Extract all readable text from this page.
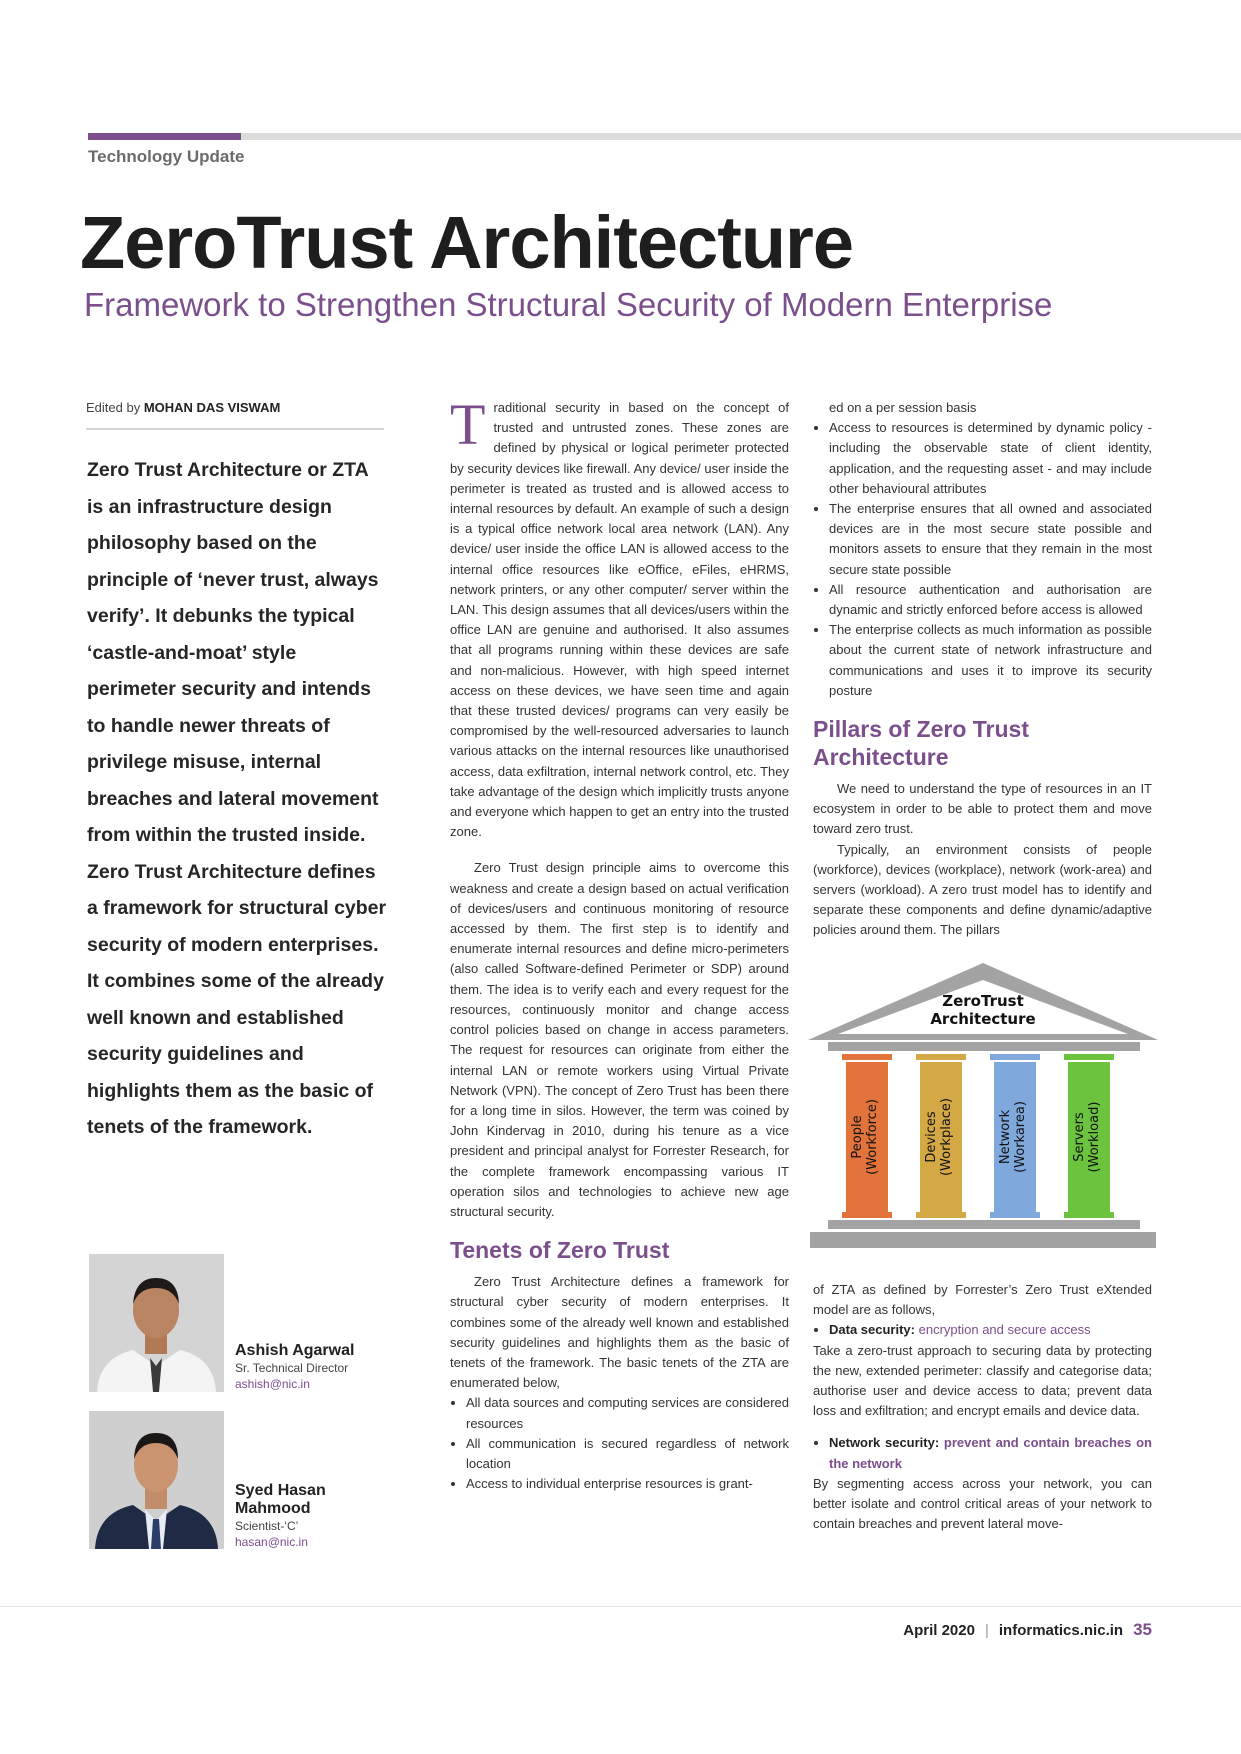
Technology Update
ZeroTrust Architecture
Framework to Strengthen Structural Security of Modern Enterprise
Edited by MOHAN DAS VISWAM
Zero Trust Architecture or ZTA is an infrastructure design philosophy based on the principle of ‘never trust, always verify’. It debunks the typical ‘castle-and-moat’ style perimeter security and intends to handle newer threats of privilege misuse, internal breaches and lateral movement from within the trusted inside. Zero Trust Architecture defines a framework for structural cyber security of modern enterprises. It combines some of the already well known and established security guidelines and highlights them as the basic of tenets of the framework.
Ashish Agarwal
Sr. Technical Director
ashish@nic.in
Syed Hasan Mahmood
Scientist-‘C’
hasan@nic.in

Traditional security in based on the concept of trusted and untrusted zones. These zones are defined by physical or logical perimeter protected by security devices like firewall. Any device/ user inside the perimeter is treated as trusted and is allowed access to internal resources by default. An example of such a design is a typical office network local area network (LAN). Any device/ user inside the office LAN is allowed access to the internal office resources like eOffice, eFiles, eHRMS, network printers, or any other computer/ server within the LAN. This design assumes that all devices/users within the office LAN are genuine and authorised. It also assumes that all programs running within these devices are safe and non-malicious. However, with high speed internet access on these devices, we have seen time and again that these trusted devices/ programs can very easily be compromised by the well-resourced adversaries to launch various attacks on the internal resources like unauthorised access, data exfiltration, internal network control, etc. They take advantage of the design which implicitly trusts anyone and everyone which happen to get an entry into the trusted zone.

Zero Trust design principle aims to overcome this weakness and create a design based on actual verification of devices/users and continuous monitoring of resource accessed by them. The first step is to identify and enumerate internal resources and define micro-perimeters (also called Software-defined Perimeter or SDP) around them. The idea is to verify each and every request for the resources, continuously monitor and change access control policies based on change in access parameters. The request for resources can originate from either the internal LAN or remote workers using Virtual Private Network (VPN). The concept of Zero Trust has been there for a long time in silos. However, the term was coined by John Kindervag in 2010, during his tenure as a vice president and principal analyst for Forrester Research, for the complete framework encompassing various IT operation silos and technologies to achieve new age structural security.

Tenets of Zero Trust

Zero Trust Architecture defines a framework for structural cyber security of modern enterprises. It combines some of the already well known and established security guidelines and highlights them as the basic of tenets of the framework. The basic tenets of the ZTA are enumerated below,

• All data sources and computing services are considered resources
• All communication is secured regardless of network location
• Access to individual enterprise resources is grant-

ed on a per session basis

• Access to resources is determined by dynamic policy - including the observable state of client identity, application, and the requesting asset - and may include other behavioural attributes
• The enterprise ensures that all owned and associated devices are in the most secure state possible and monitors assets to ensure that they remain in the most secure state possible
• All resource authentication and authorisation are dynamic and strictly enforced before access is allowed
• The enterprise collects as much information as possible about the current state of network infrastructure and communications and uses it to improve its security posture
Pillars of Zero Trust Architecture

We need to understand the type of resources in an IT ecosystem in order to be able to protect them and move toward zero trust.

Typically, an environment consists of people (workforce), devices (workplace), network (work-area) and servers (workload). A zero trust model has to identify and separate these components and define dynamic/adaptive policies around them. The pillars

ZeroTrust
Architecture
People (Workforce)	Devices (Workplace)	Network (Workarea)	Servers (Workload)

of ZTA as defined by Forrester’s Zero Trust eXtended model are as follows,

• Data security: encryption and secure access

Take a zero-trust approach to securing data by protecting the new, extended perimeter: classify and categorise data; authorise user and device access to data; prevent data loss and exfiltration; and encrypt emails and device data.

• Network security: prevent and contain breaches on the network

By segmenting access across your network, you can better isolate and control critical areas of your network to contain breaches and prevent lateral move-

April 2020 | informatics.nic.in 35
